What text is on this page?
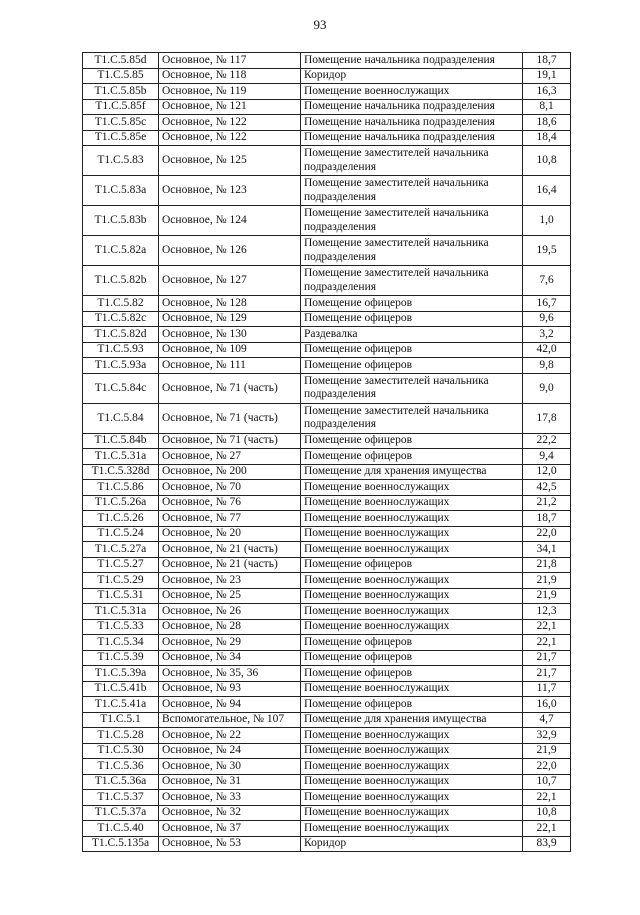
93
T1.C.5.85d	Основное, № 117	Помещение начальника подразделения	18,7
T1.C.5.85	Основное, № 118	Коридор	19,1
T1.C.5.85b	Основное, № 119	Помещение военнослужащих	16,3
T1.C.5.85f	Основное, № 121	Помещение начальника подразделения	8,1
T1.C.5.85c	Основное, № 122	Помещение начальника подразделения	18,6
T1.C.5.85e	Основное, № 122	Помещение начальника подразделения	18,4
T1.C.5.83	Основное, № 125	Помещение заместителей начальника подразделения	10,8
T1.C.5.83a	Основное, № 123	Помещение заместителей начальника подразделения	16,4
T1.C.5.83b	Основное, № 124	Помещение заместителей начальника подразделения	1,0
T1.C.5.82a	Основное, № 126	Помещение заместителей начальника подразделения	19,5
T1.C.5.82b	Основное, № 127	Помещение заместителей начальника подразделения	7,6
T1.C.5.82	Основное, № 128	Помещение офицеров	16,7
T1.C.5.82c	Основное, № 129	Помещение офицеров	9,6
T1.C.5.82d	Основное, № 130	Раздевалка	3,2
T1.C.5.93	Основное, № 109	Помещение офицеров	42,0
T1.C.5.93a	Основное, № 111	Помещение офицеров	9,8
T1.C.5.84c	Основное, № 71 (часть)	Помещение заместителей начальника подразделения	9,0
T1.C.5.84	Основное, № 71 (часть)	Помещение заместителей начальника подразделения	17,8
T1.C.5.84b	Основное, № 71 (часть)	Помещение офицеров	22,2
T1.C.5.31a	Основное, № 27	Помещение офицеров	9,4
T1.C.5.328d	Основное, № 200	Помещение для хранения имущества	12,0
T1.C.5.86	Основное, № 70	Помещение военнослужащих	42,5
T1.C.5.26a	Основное, № 76	Помещение военнослужащих	21,2
T1.C.5.26	Основное, № 77	Помещение военнослужащих	18,7
T1.C.5.24	Основное, № 20	Помещение военнослужащих	22,0
T1.C.5.27a	Основное, № 21 (часть)	Помещение военнослужащих	34,1
T1.C.5.27	Основное, № 21 (часть)	Помещение офицеров	21,8
T1.C.5.29	Основное, № 23	Помещение военнослужащих	21,9
T1.C.5.31	Основное, № 25	Помещение военнослужащих	21,9
T1.C.5.31a	Основное, № 26	Помещение военнослужащих	12,3
T1.C.5.33	Основное, № 28	Помещение военнослужащих	22,1
T1.C.5.34	Основное, № 29	Помещение офицеров	22,1
T1.C.5.39	Основное, № 34	Помещение офицеров	21,7
T1.C.5.39a	Основное, № 35, 36	Помещение офицеров	21,7
T1.C.5.41b	Основное, № 93	Помещение военнослужащих	11,7
T1.C.5.41a	Основное, № 94	Помещение офицеров	16,0
T1.C.5.1	Вспомогательное, № 107	Помещение для хранения имущества	4,7
T1.C.5.28	Основное, № 22	Помещение военнослужащих	32,9
T1.C.5.30	Основное, № 24	Помещение военнослужащих	21,9
T1.C.5.36	Основное, № 30	Помещение военнослужащих	22,0
T1.C.5.36a	Основное, № 31	Помещение военнослужащих	10,7
T1.C.5.37	Основное, № 33	Помещение военнослужащих	22,1
T1.C.5.37a	Основное, № 32	Помещение военнослужащих	10,8
T1.C.5.40	Основное, № 37	Помещение военнослужащих	22,1
T1.C.5.135a	Основное, № 53	Коридор	83,9
